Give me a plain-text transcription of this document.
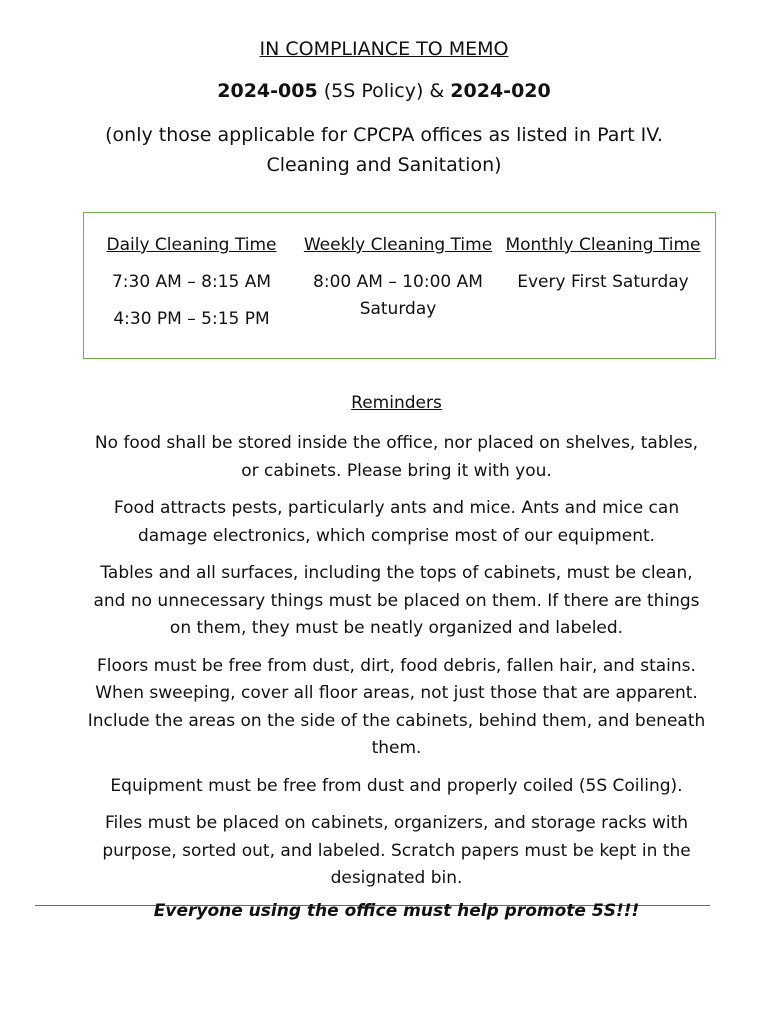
IN COMPLIANCE TO MEMO
2024-005 (5S Policy) & 2024-020
(only those applicable for CPCPA offices as listed in Part IV. Cleaning and Sanitation)
Daily Cleaning Time
7:30 AM – 8:15 AM
4:30 PM – 5:15 PM
Weekly Cleaning Time
8:00 AM – 10:00 AM
Saturday
Monthly Cleaning Time
Every First Saturday
Reminders

No food shall be stored inside the office, nor placed on shelves, tables, or cabinets. Please bring it with you.

Food attracts pests, particularly ants and mice. Ants and mice can damage electronics, which comprise most of our equipment.

Tables and all surfaces, including the tops of cabinets, must be clean, and no unnecessary things must be placed on them. If there are things on them, they must be neatly organized and labeled.

Floors must be free from dust, dirt, food debris, fallen hair, and stains. When sweeping, cover all floor areas, not just those that are apparent. Include the areas on the side of the cabinets, behind them, and beneath them.

Equipment must be free from dust and properly coiled (5S Coiling).

Files must be placed on cabinets, organizers, and storage racks with purpose, sorted out, and labeled. Scratch papers must be kept in the designated bin.

Everyone using the office must help promote 5S!!!
